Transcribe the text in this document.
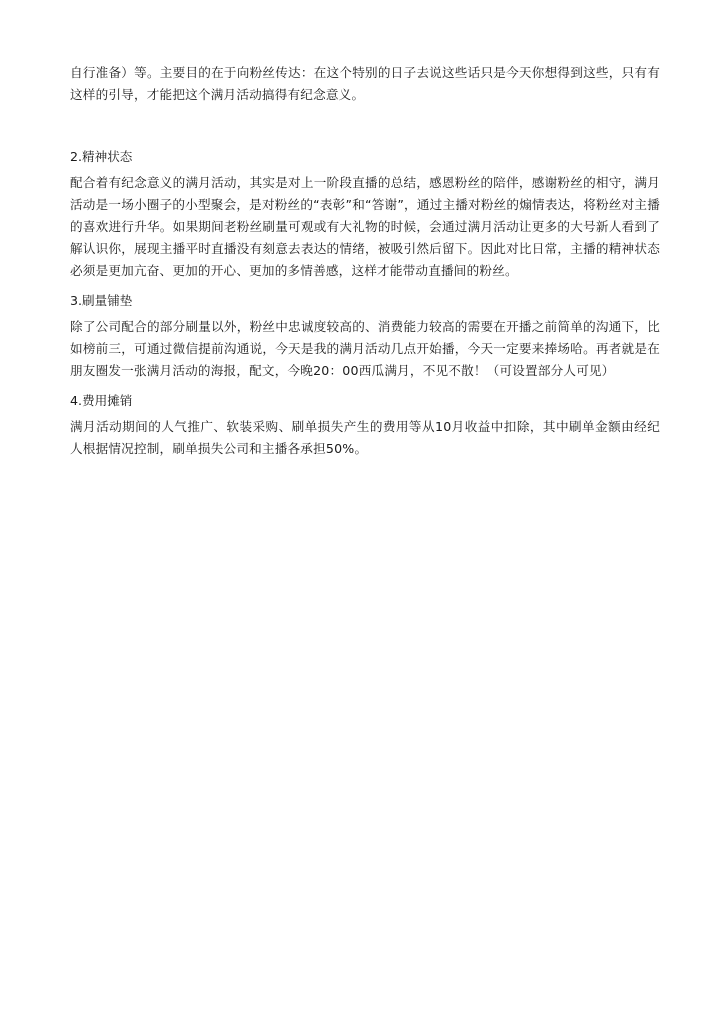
自行准备）等。主要目的在于向粉丝传达：在这个特别的日子去说这些话只是今天你想得到这些，只有有这样的引导，才能把这个满月活动搞得有纪念意义。

2.精神状态

配合着有纪念意义的满月活动，其实是对上一阶段直播的总结，感恩粉丝的陪伴，感谢粉丝的相守，满月活动是一场小圈子的小型聚会，是对粉丝的“表彰”和“答谢”，通过主播对粉丝的煽情表达，将粉丝对主播的喜欢进行升华。如果期间老粉丝刷量可观或有大礼物的时候，会通过满月活动让更多的大号新人看到了解认识你，展现主播平时直播没有刻意去表达的情绪，被吸引然后留下。因此对比日常，主播的精神状态必须是更加亢奋、更加的开心、更加的多情善感，这样才能带动直播间的粉丝。

3.刷量铺垫

除了公司配合的部分刷量以外，粉丝中忠诚度较高的、消费能力较高的需要在开播之前简单的沟通下，比如榜前三，可通过微信提前沟通说，今天是我的满月活动几点开始播，今天一定要来捧场哈。再者就是在朋友圈发一张满月活动的海报，配文，今晚20：00西瓜满月，不见不散！（可设置部分人可见）

4.费用摊销

满月活动期间的人气推广、软装采购、刷单损失产生的费用等从10月收益中扣除，其中刷单金额由经纪人根据情况控制，刷单损失公司和主播各承担50%。
